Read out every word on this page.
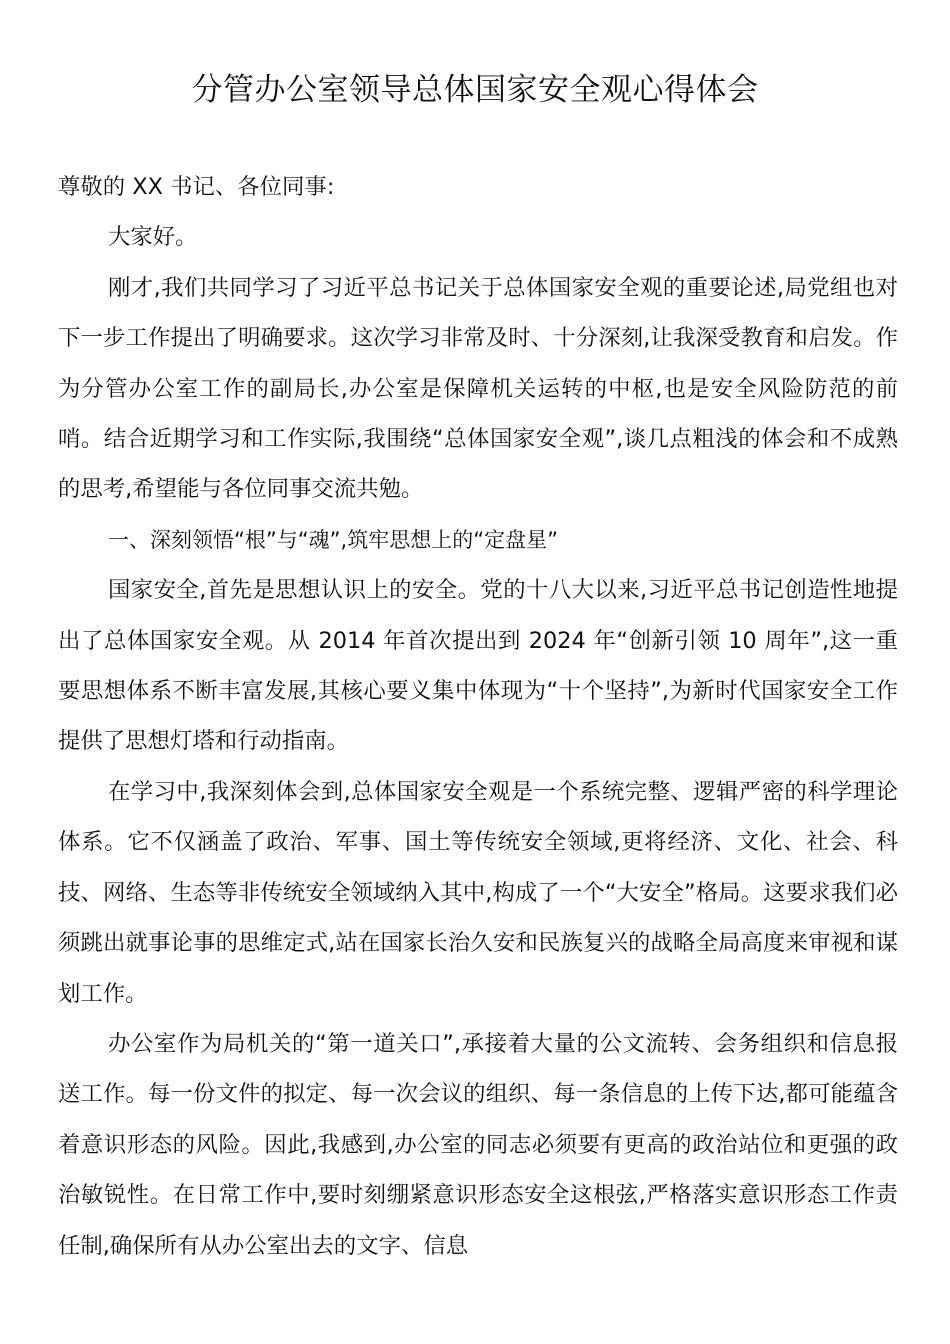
分管办公室领导总体国家安全观心得体会

尊敬的 XX 书记、各位同事:

大家好。

刚才,我们共同学习了习近平总书记关于总体国家安全观的重要论述,局党组也对下一步工作提出了明确要求。这次学习非常及时、十分深刻,让我深受教育和启发。作为分管办公室工作的副局长,办公室是保障机关运转的中枢,也是安全风险防范的前哨。结合近期学习和工作实际,我围绕“总体国家安全观”,谈几点粗浅的体会和不成熟的思考,希望能与各位同事交流共勉。

一、深刻领悟“根”与“魂”,筑牢思想上的“定盘星”

国家安全,首先是思想认识上的安全。党的十八大以来,习近平总书记创造性地提出了总体国家安全观。从 2014 年首次提出到 2024 年“创新引领 10 周年”,这一重要思想体系不断丰富发展,其核心要义集中体现为“十个坚持”,为新时代国家安全工作提供了思想灯塔和行动指南。

在学习中,我深刻体会到,总体国家安全观是一个系统完整、逻辑严密的科学理论体系。它不仅涵盖了政治、军事、国土等传统安全领域,更将经济、文化、社会、科技、网络、生态等非传统安全领域纳入其中,构成了一个“大安全”格局。这要求我们必须跳出就事论事的思维定式,站在国家长治久安和民族复兴的战略全局高度来审视和谋划工作。

办公室作为局机关的“第一道关口”,承接着大量的公文流转、会务组织和信息报送工作。每一份文件的拟定、每一次会议的组织、每一条信息的上传下达,都可能蕴含着意识形态的风险。因此,我感到,办公室的同志必须要有更高的政治站位和更强的政治敏锐性。在日常工作中,要时刻绷紧意识形态安全这根弦,严格落实意识形态工作责任制,确保所有从办公室出去的文字、信息
